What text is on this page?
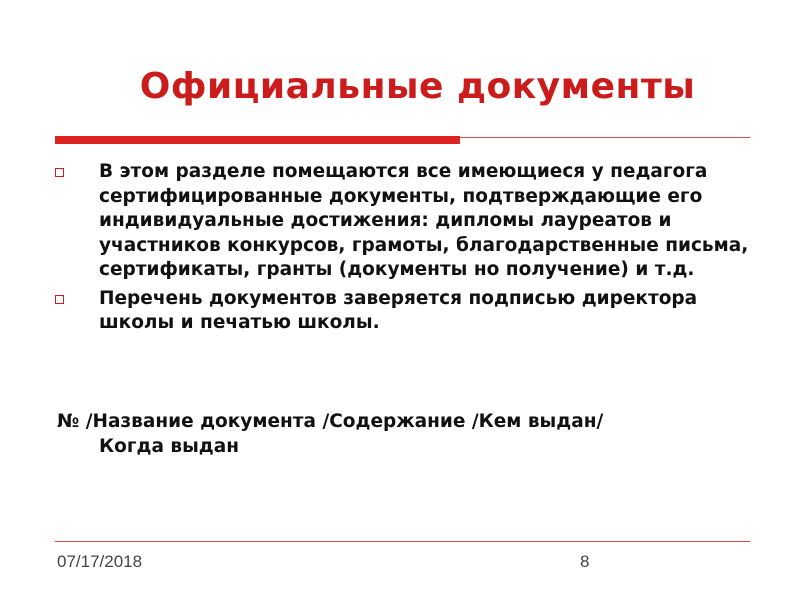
Официальные документы
В этом разделе помещаются все имеющиеся у педагога сертифицированные документы, подтверждающие его индивидуальные достижения: дипломы лауреатов и участников конкурсов, грамоты, благодарственные письма, сертификаты, гранты (документы но получение) и т.д.
Перечень документов заверяется подписью директора школы и печатью школы.
№ /Название документа /Содержание /Кем выдан/
Когда выдан
07/17/2018	8
